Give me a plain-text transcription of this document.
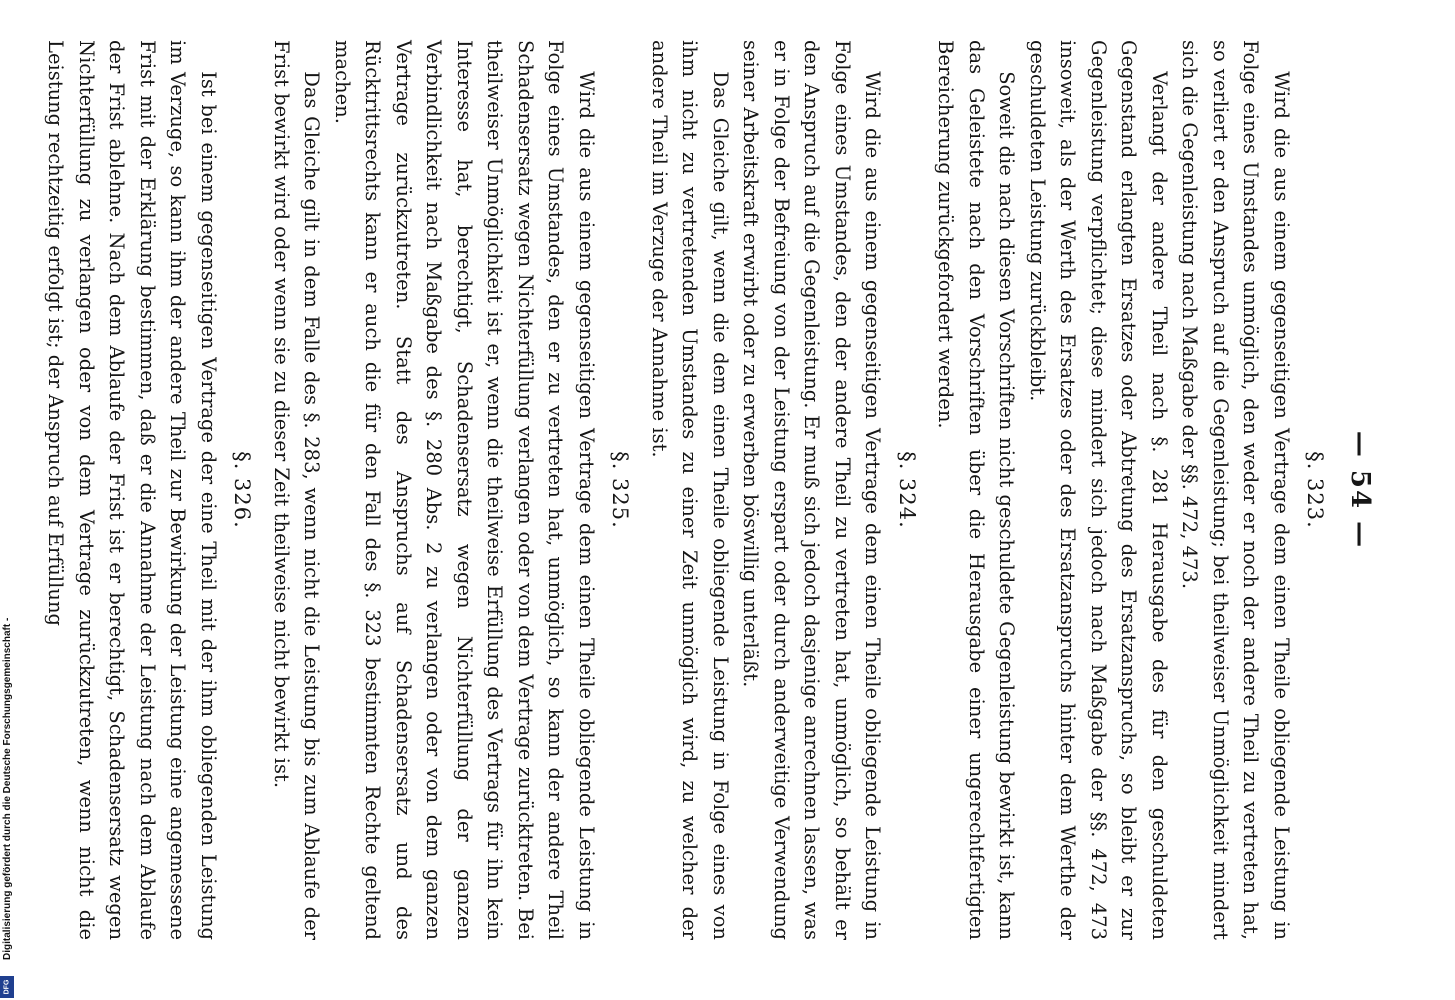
— 54 —
§. 323.

Wird die aus einem gegenseitigen Vertrage dem einen Theile obliegende Leistung in Folge eines Umstandes unmöglich, den weder er noch der andere Theil zu vertreten hat, so verliert er den Anspruch auf die Gegenleistung; bei theilweiser Unmöglichkeit mindert sich die Gegenleistung nach Maßgabe der §§. 472, 473.

Verlangt der andere Theil nach §. 281 Herausgabe des für den geschuldeten Gegenstand erlangten Ersatzes oder Abtretung des Ersatzanspruchs, so bleibt er zur Gegenleistung verpflichtet; diese mindert sich jedoch nach Maßgabe der §§. 472, 473 insoweit, als der Werth des Ersatzes oder des Ersatzanspruchs hinter dem Werthe der geschuldeten Leistung zurückbleibt.

Soweit die nach diesen Vorschriften nicht geschuldete Gegenleistung bewirkt ist, kann das Geleistete nach den Vorschriften über die Herausgabe einer ungerechtfertigten Bereicherung zurückgefordert werden.

§. 324.

Wird die aus einem gegenseitigen Vertrage dem einen Theile obliegende Leistung in Folge eines Umstandes, den der andere Theil zu vertreten hat, unmöglich, so behält er den Anspruch auf die Gegenleistung. Er muß sich jedoch dasjenige anrechnen lassen, was er in Folge der Befreiung von der Leistung erspart oder durch anderweitige Verwendung seiner Arbeitskraft erwirbt oder zu erwerben böswillig unterläßt.

Das Gleiche gilt, wenn die dem einen Theile obliegende Leistung in Folge eines von ihm nicht zu vertretenden Umstandes zu einer Zeit unmöglich wird, zu welcher der andere Theil im Verzuge der Annahme ist.

§. 325.

Wird die aus einem gegenseitigen Vertrage dem einen Theile obliegende Leistung in Folge eines Umstandes, den er zu vertreten hat, unmöglich, so kann der andere Theil Schadensersatz wegen Nichterfüllung verlangen oder von dem Vertrage zurücktreten. Bei theilweiser Unmöglichkeit ist er, wenn die theilweise Erfüllung des Vertrags für ihn kein Interesse hat, berechtigt, Schadensersatz wegen Nichterfüllung der ganzen Verbindlichkeit nach Maßgabe des §. 280 Abs. 2 zu verlangen oder von dem ganzen Vertrage zurückzutreten. Statt des Anspruchs auf Schadensersatz und des Rücktrittsrechts kann er auch die für den Fall des §. 323 bestimmten Rechte geltend machen.

Das Gleiche gilt in dem Falle des §. 283, wenn nicht die Leistung bis zum Ablaufe der Frist bewirkt wird oder wenn sie zu dieser Zeit theilweise nicht bewirkt ist.

§. 326.

Ist bei einem gegenseitigen Vertrage der eine Theil mit der ihm obliegenden Leistung im Verzuge, so kann ihm der andere Theil zur Bewirkung der Leistung eine angemessene Frist mit der Erklärung bestimmen, daß er die Annahme der Leistung nach dem Ablaufe der Frist ablehne. Nach dem Ablaufe der Frist ist er berechtigt, Schadensersatz wegen Nichterfüllung zu verlangen oder von dem Vertrage zurückzutreten, wenn nicht die Leistung rechtzeitig erfolgt ist; der Anspruch auf Erfüllung

Digitalisierung gefördert durch die Deutsche Forschungsgemeinschaft -
DFG
